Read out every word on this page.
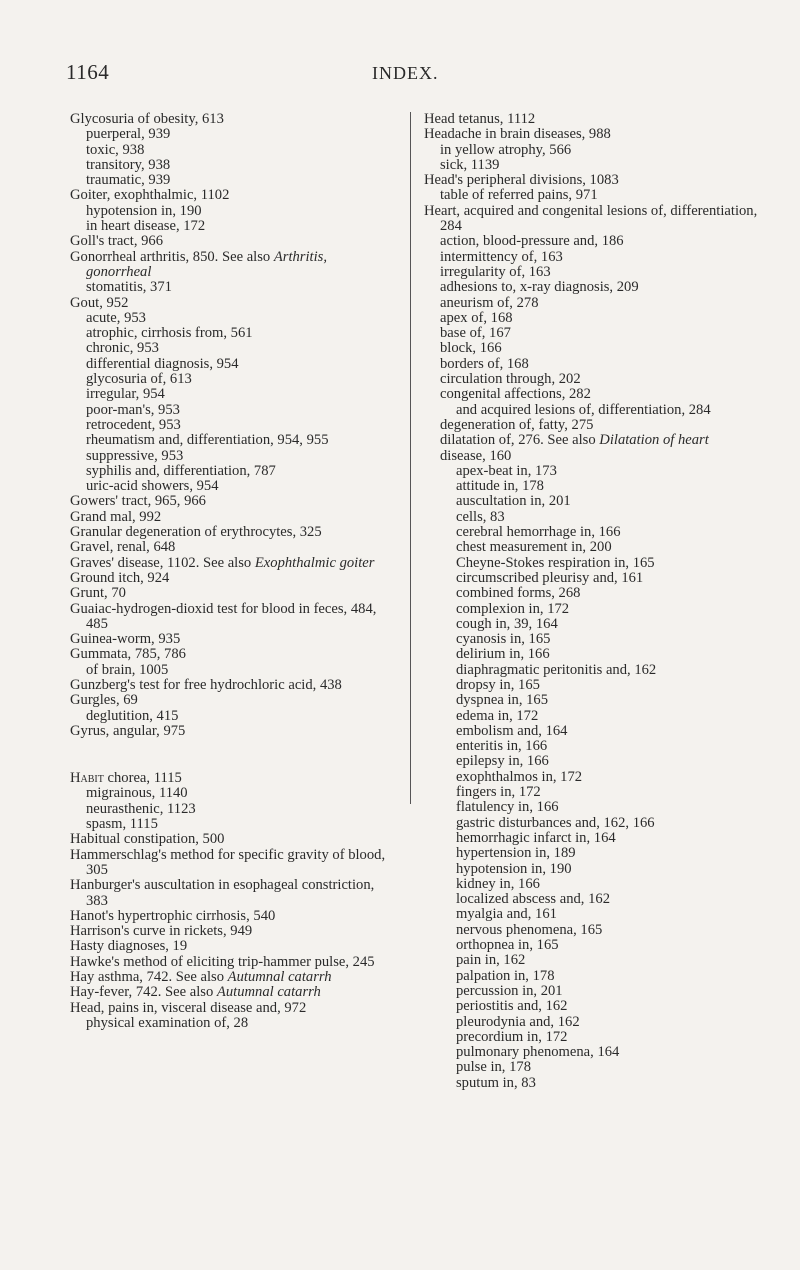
1164	INDEX.

Glycosuria of obesity, 613

puerperal, 939

toxic, 938

transitory, 938

traumatic, 939

Goiter, exophthalmic, 1102

hypotension in, 190

in heart disease, 172

Goll's tract, 966

Gonorrheal arthritis, 850. See also Arthritis, gonorrheal

stomatitis, 371

Gout, 952

acute, 953

atrophic, cirrhosis from, 561

chronic, 953

differential diagnosis, 954

glycosuria of, 613

irregular, 954

poor-man's, 953

retrocedent, 953

rheumatism and, differentiation, 954, 955

suppressive, 953

syphilis and, differentiation, 787

uric-acid showers, 954

Gowers' tract, 965, 966

Grand mal, 992

Granular degeneration of erythrocytes, 325

Gravel, renal, 648

Graves' disease, 1102. See also Exophthalmic goiter

Ground itch, 924

Grunt, 70

Guaiac-hydrogen-dioxid test for blood in feces, 484, 485

Guinea-worm, 935

Gummata, 785, 786

of brain, 1005

Gunzberg's test for free hydrochloric acid, 438

Gurgles, 69

deglutition, 415

Gyrus, angular, 975

Habit chorea, 1115

migrainous, 1140

neurasthenic, 1123

spasm, 1115

Habitual constipation, 500

Hammerschlag's method for specific gravity of blood, 305

Hanburger's auscultation in esophageal constriction, 383

Hanot's hypertrophic cirrhosis, 540

Harrison's curve in rickets, 949

Hasty diagnoses, 19

Hawke's method of eliciting trip-hammer pulse, 245

Hay asthma, 742. See also Autumnal catarrh

Hay-fever, 742. See also Autumnal catarrh

Head, pains in, visceral disease and, 972

physical examination of, 28

Head tetanus, 1112

Headache in brain diseases, 988

in yellow atrophy, 566

sick, 1139

Head's peripheral divisions, 1083

table of referred pains, 971

Heart, acquired and congenital lesions of, differentiation, 284

action, blood-pressure and, 186

intermittency of, 163

irregularity of, 163

adhesions to, x-ray diagnosis, 209

aneurism of, 278

apex of, 168

base of, 167

block, 166

borders of, 168

circulation through, 202

congenital affections, 282

and acquired lesions of, differentiation, 284

degeneration of, fatty, 275

dilatation of, 276. See also Dilatation of heart

disease, 160

apex-beat in, 173

attitude in, 178

auscultation in, 201

cells, 83

cerebral hemorrhage in, 166

chest measurement in, 200

Cheyne-Stokes respiration in, 165

circumscribed pleurisy and, 161

combined forms, 268

complexion in, 172

cough in, 39, 164

cyanosis in, 165

delirium in, 166

diaphragmatic peritonitis and, 162

dropsy in, 165

dyspnea in, 165

edema in, 172

embolism and, 164

enteritis in, 166

epilepsy in, 166

exophthalmos in, 172

fingers in, 172

flatulency in, 166

gastric disturbances and, 162, 166

hemorrhagic infarct in, 164

hypertension in, 189

hypotension in, 190

kidney in, 166

localized abscess and, 162

myalgia and, 161

nervous phenomena, 165

orthopnea in, 165

pain in, 162

palpation in, 178

percussion in, 201

periostitis and, 162

pleurodynia and, 162

precordium in, 172

pulmonary phenomena, 164

pulse in, 178

sputum in, 83
